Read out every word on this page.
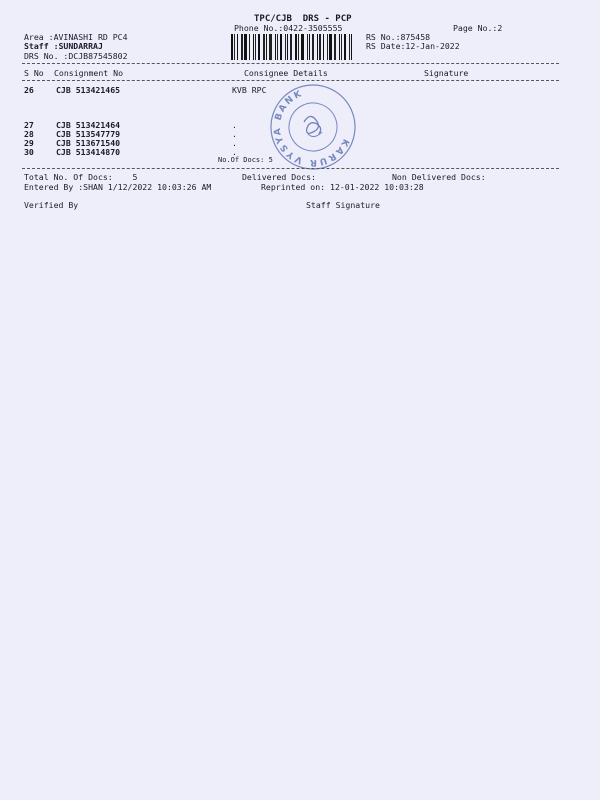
TPC/CJB  DRS - PCP
Phone No.:0422-3505555	Page No.:2
Area :AVINASHI RD PC4
Staff :SUNDARRAJ
DRS No. :DCJB87545802
RS No.:875458
RS Date:12-Jan-2022
S No Consignment No	Consignee Details	Signature
26	CJB 513421465	KVB RPC
27	CJB 513421464	.
28	CJB 513547779	.
29	CJB 513671540	.
30	CJB 513414870	.
No.Of Docs: 5
KARUR VYSYA BANK
Total No. Of Docs:    5	Delivered Docs:	Non Delivered Docs:
Entered By :SHAN 1/12/2022 10:03:26 AM	Reprinted on: 12-01-2022 10:03:28
Verified By	Staff Signature
